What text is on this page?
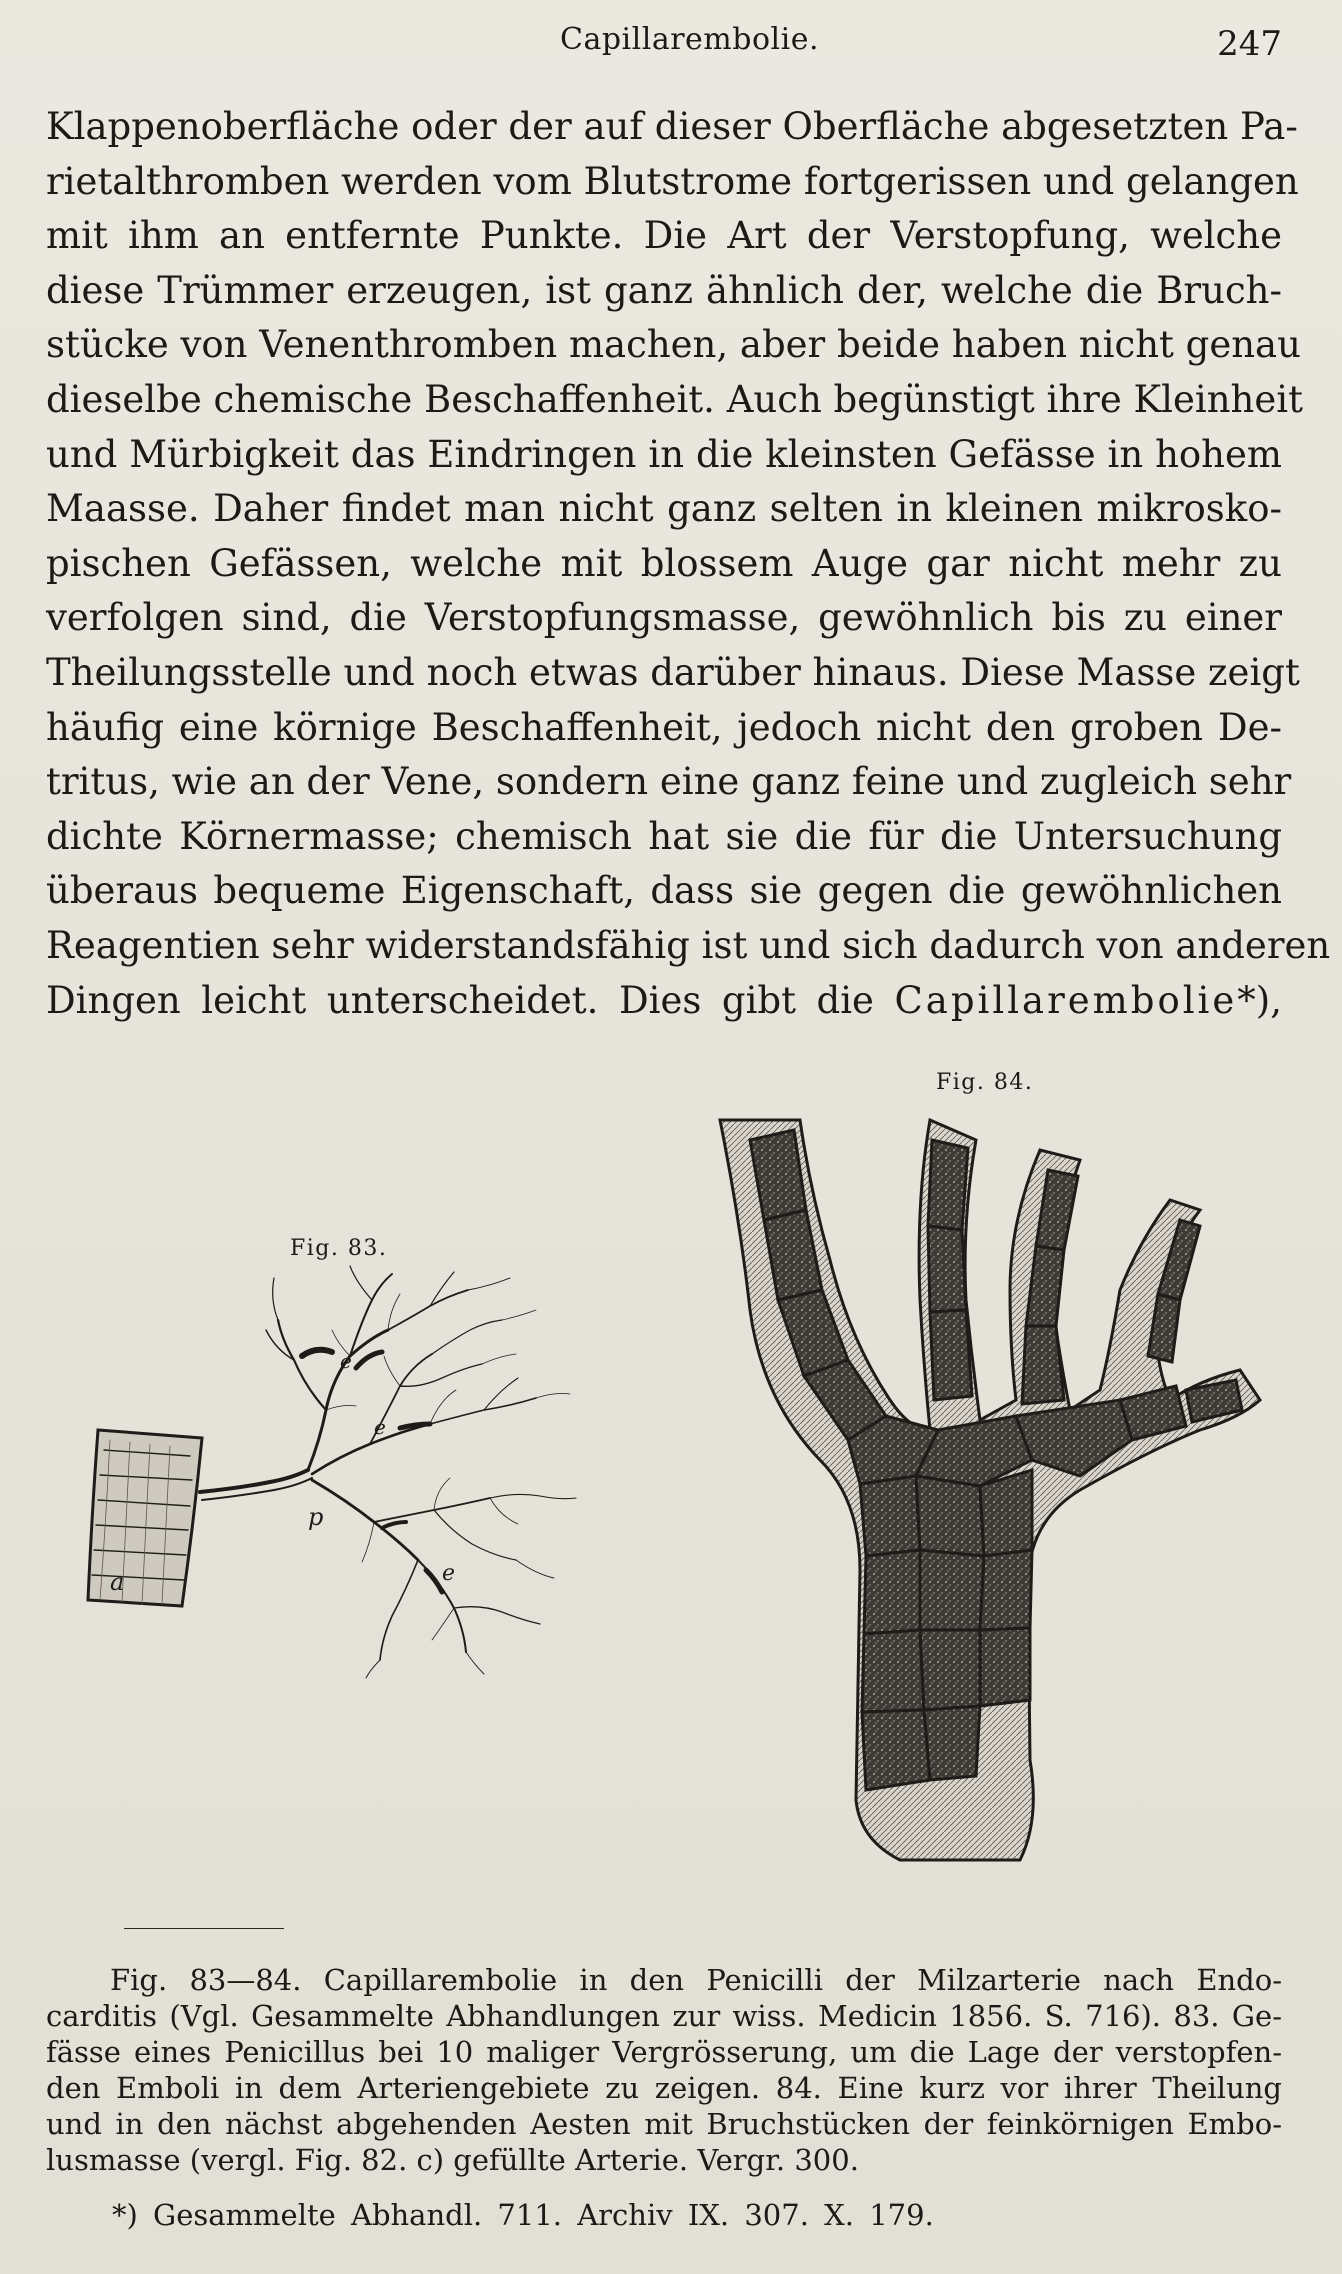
Capillarembolie.	247
Klappenoberfläche oder der auf dieser Oberfläche abgesetzten Pa-
rietalthromben werden vom Blutstrome fortgerissen und gelangen
mit ihm an entfernte Punkte. Die Art der Verstopfung, welche
diese Trümmer erzeugen, ist ganz ähnlich der, welche die Bruch-
stücke von Venenthromben machen, aber beide haben nicht genau
dieselbe chemische Beschaffenheit. Auch begünstigt ihre Kleinheit
und Mürbigkeit das Eindringen in die kleinsten Gefässe in hohem
Maasse. Daher findet man nicht ganz selten in kleinen mikrosko-
pischen Gefässen, welche mit blossem Auge gar nicht mehr zu
verfolgen sind, die Verstopfungsmasse, gewöhnlich bis zu einer
Theilungsstelle und noch etwas darüber hinaus. Diese Masse zeigt
häufig eine körnige Beschaffenheit, jedoch nicht den groben De-
tritus, wie an der Vene, sondern eine ganz feine und zugleich sehr
dichte Körnermasse; chemisch hat sie die für die Untersuchung
überaus bequeme Eigenschaft, dass sie gegen die gewöhnlichen
Reagentien sehr widerstandsfähig ist und sich dadurch von anderen
Dingen leicht unterscheidet. Dies gibt die Capillarembolie*),
Fig. 83.
Fig. 84.
a
p
e
e
e
Fig. 83—84. Capillarembolie in den Penicilli der Milzarterie nach Endo-
carditis (Vgl. Gesammelte Abhandlungen zur wiss. Medicin 1856. S. 716). 83. Ge-
fässe eines Penicillus bei 10 maliger Vergrösserung, um die Lage der verstopfen-
den Emboli in dem Arteriengebiete zu zeigen. 84. Eine kurz vor ihrer Theilung
und in den nächst abgehenden Aesten mit Bruchstücken der feinkörnigen Embo-
lusmasse (vergl. Fig. 82. c) gefüllte Arterie. Vergr. 300.
*) Gesammelte Abhandl. 711. Archiv IX. 307. X. 179.
